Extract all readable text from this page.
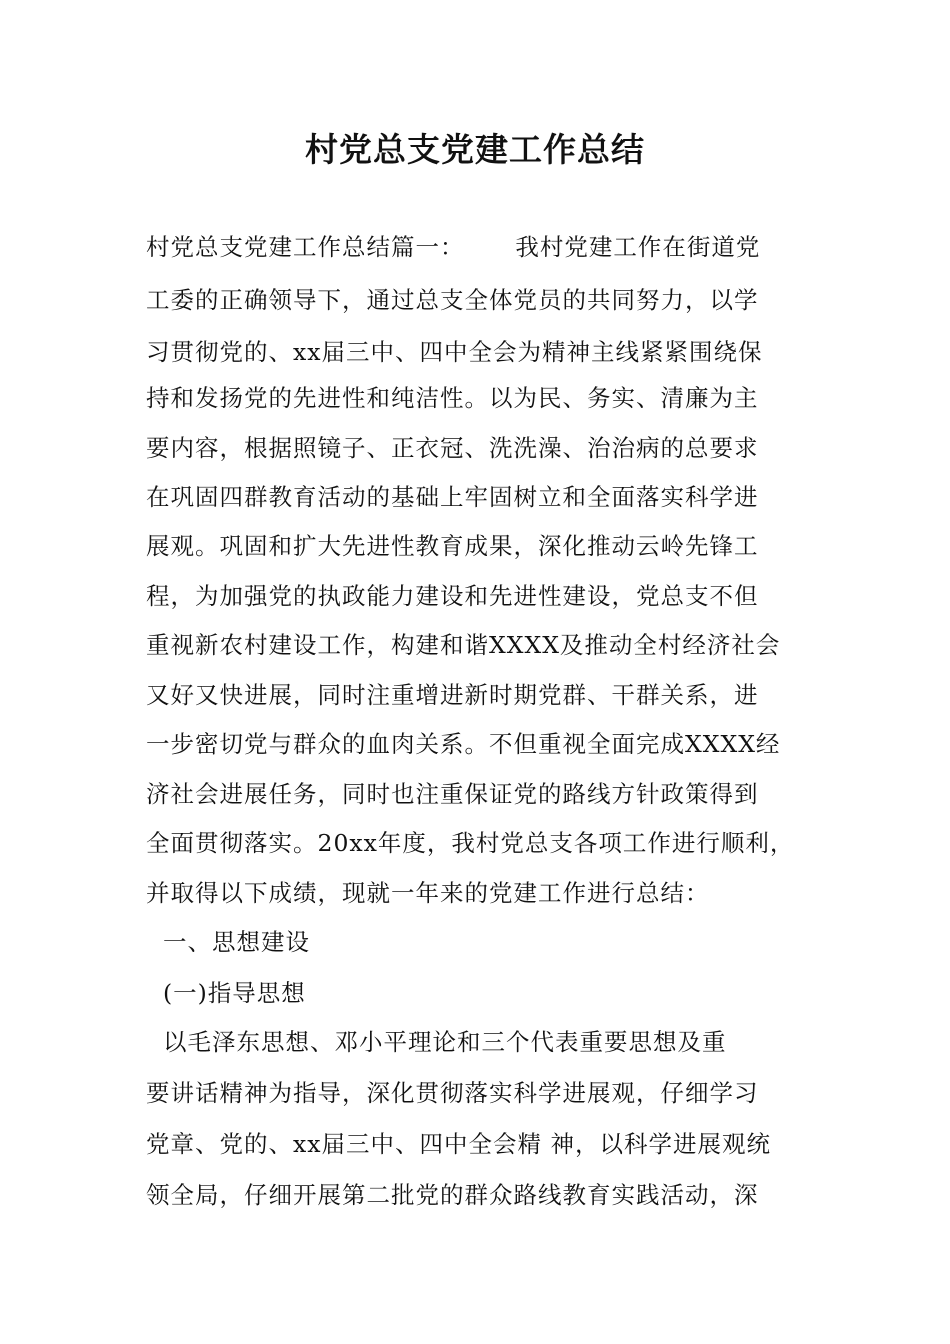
村党总支党建工作总结
村党总支党建工作总结篇一：      我村党建工作在街道党
工委的正确领导下，通过总支全体党员的共同努力，以学
习贯彻党的、xx届三中、四中全会为精神主线紧紧围绕保
持和发扬党的先进性和纯洁性。以为民、务实、清廉为主
要内容，根据照镜子、正衣冠、洗洗澡、治治病的总要求
在巩固四群教育活动的基础上牢固树立和全面落实科学进
展观。巩固和扩大先进性教育成果，深化推动云岭先锋工
程，为加强党的执政能力建设和先进性建设，党总支不但
重视新农村建设工作，构建和谐XXXX及推动全村经济社会
又好又快进展，同时注重增进新时期党群、干群关系，进
一步密切党与群众的血肉关系。不但重视全面完成XXXX经
济社会进展任务，同时也注重保证党的路线方针政策得到
全面贯彻落实。20xx年度，我村党总支各项工作进行顺利，
并取得以下成绩，现就一年来的党建工作进行总结：
一、思想建设
(一)指导思想
以毛泽东思想、邓小平理论和三个代表重要思想及重
要讲话精神为指导，深化贯彻落实科学进展观，仔细学习
党章、党的、xx届三中、四中全会精 神，以科学进展观统
领全局，仔细开展第二批党的群众路线教育实践活动，深
